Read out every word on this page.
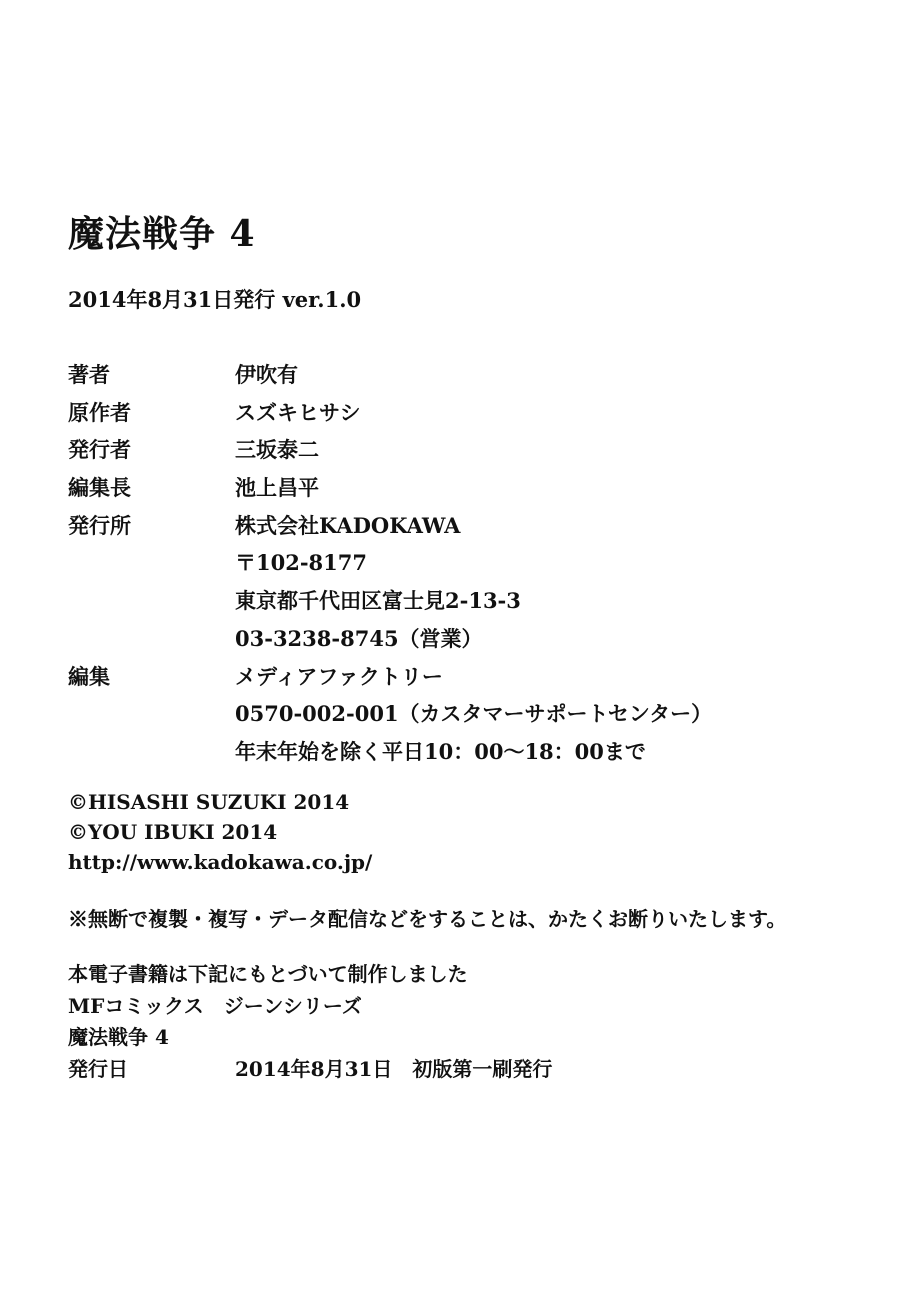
魔法戦争 4
2014年8月31日発行 ver.1.0
著者	伊吹有
原作者	スズキヒサシ
発行者	三坂泰二
編集長	池上昌平
発行所	株式会社KADOKAWA
〒102-8177
東京都千代田区富士見2-13-3
03-3238-8745（営業）
編集	メディアファクトリー
0570-002-001（カスタマーサポートセンター）
年末年始を除く平日10：00〜18：00まで
©HISASHI SUZUKI 2014
©YOU IBUKI 2014
http://www.kadokawa.co.jp/
※無断で複製・複写・データ配信などをすることは、かたくお断りいたします。
本電子書籍は下記にもとづいて制作しました
MFコミックス　ジーンシリーズ
魔法戦争 4
発行日	2014年8月31日　初版第一刷発行
